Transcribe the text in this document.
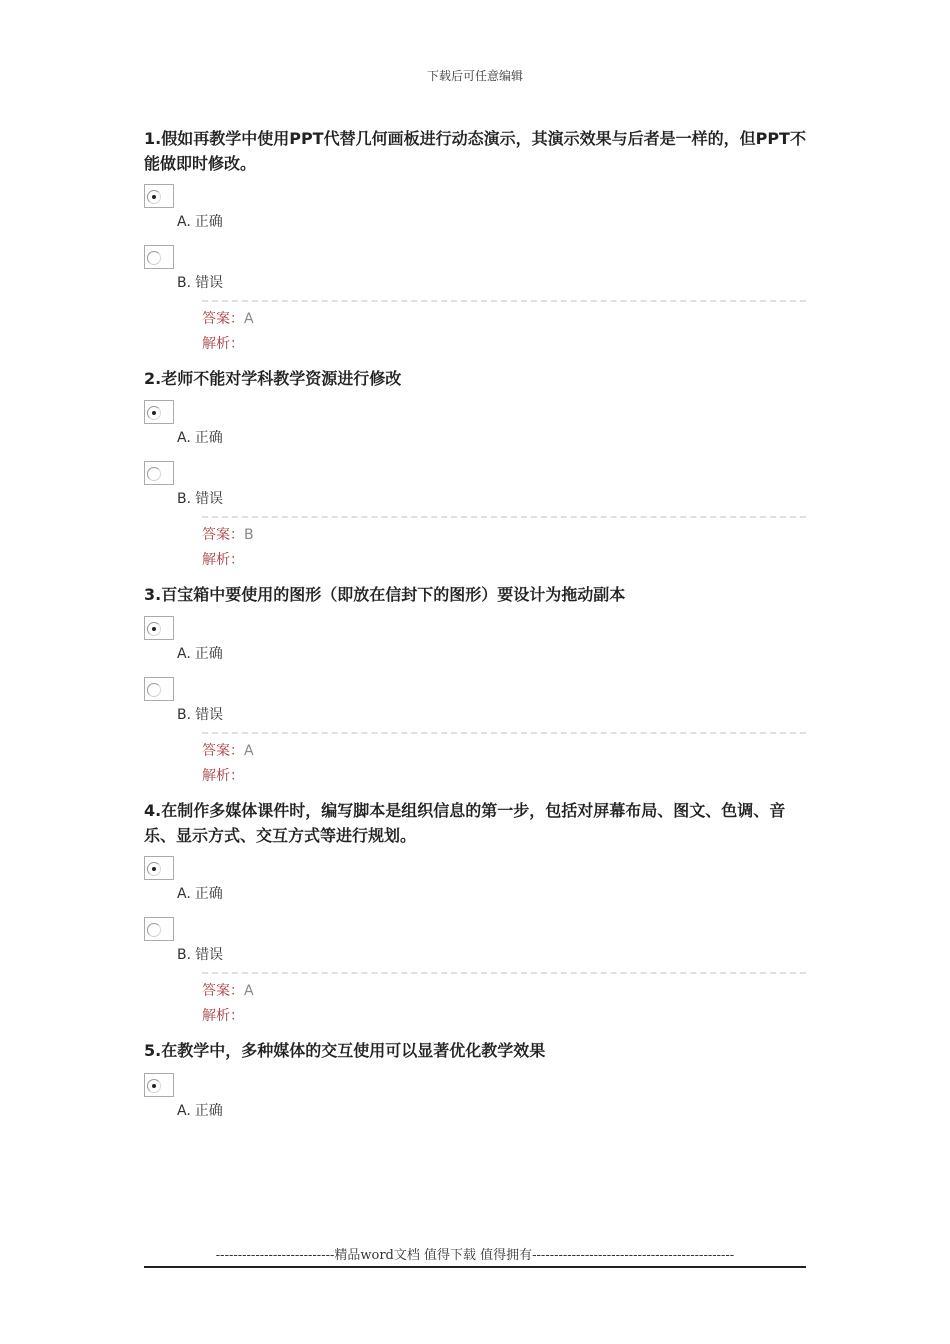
下载后可任意编辑

1.假如再教学中使用PPT代替几何画板进行动态演示，其演示效果与后者是一样的，但PPT不能做即时修改。

A. 正确
B. 错误
答案：A
解析：

2.老师不能对学科教学资源进行修改

A. 正确
B. 错误
答案：B
解析：

3.百宝箱中要使用的图形（即放在信封下的图形）要设计为拖动副本

A. 正确
B. 错误
答案：A
解析：

4.在制作多媒体课件时，编写脚本是组织信息的第一步，包括对屏幕布局、图文、色调、音乐、显示方式、交互方式等进行规划。

A. 正确
B. 错误
答案：A
解析：

5.在教学中，多种媒体的交互使用可以显著优化教学效果

A. 正确
---------------------------精品word文档 值得下载 值得拥有----------------------------------------------
